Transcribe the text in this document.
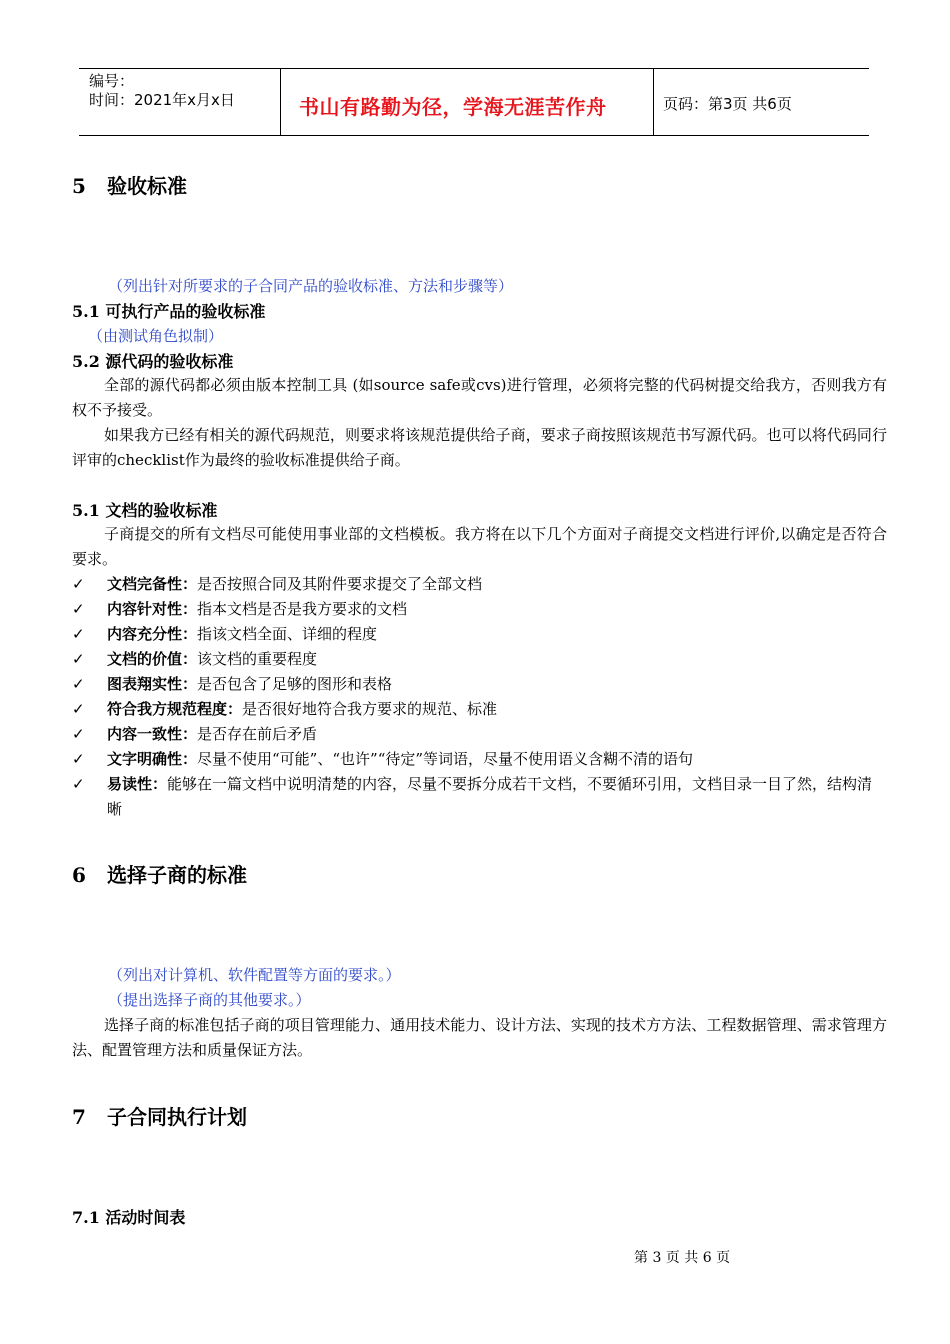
编号：
时间：2021年x月x日	书山有路勤为径，学海无涯苦作舟	页码：第3页 共6页
5 验收标准
（列出针对所要求的子合同产品的验收标准、方法和步骤等）
5.1 可执行产品的验收标准
（由测试角色拟制）
5.2 源代码的验收标准
全部的源代码都必须由版本控制工具 (如source safe或cvs)进行管理，必须将完整的代码树提交给我方，否则我方有权不予接受。
如果我方已经有相关的源代码规范，则要求将该规范提供给子商，要求子商按照该规范书写源代码。也可以将代码同行评审的checklist作为最终的验收标准提供给子商。
5.1 文档的验收标准
子商提交的所有文档尽可能使用事业部的文档模板。我方将在以下几个方面对子商提交文档进行评价,以确定是否符合要求。
✓	文档完备性：是否按照合同及其附件要求提交了全部文档
✓	内容针对性：指本文档是否是我方要求的文档
✓	内容充分性：指该文档全面、详细的程度
✓	文档的价值：该文档的重要程度
✓	图表翔实性：是否包含了足够的图形和表格
✓	符合我方规范程度：是否很好地符合我方要求的规范、标准
✓	内容一致性：是否存在前后矛盾
✓	文字明确性：尽量不使用“可能”、“也许”“待定”等词语，尽量不使用语义含糊不清的语句
✓	易读性：能够在一篇文档中说明清楚的内容，尽量不要拆分成若干文档，不要循环引用，文档目录一目了然，结构清晰
6 选择子商的标准
（列出对计算机、软件配置等方面的要求。）
（提出选择子商的其他要求。）
选择子商的标准包括子商的项目管理能力、通用技术能力、设计方法、实现的技术方方法、工程数据管理、需求管理方法、配置管理方法和质量保证方法。
7 子合同执行计划
7.1 活动时间表
第 3 页 共 6 页
